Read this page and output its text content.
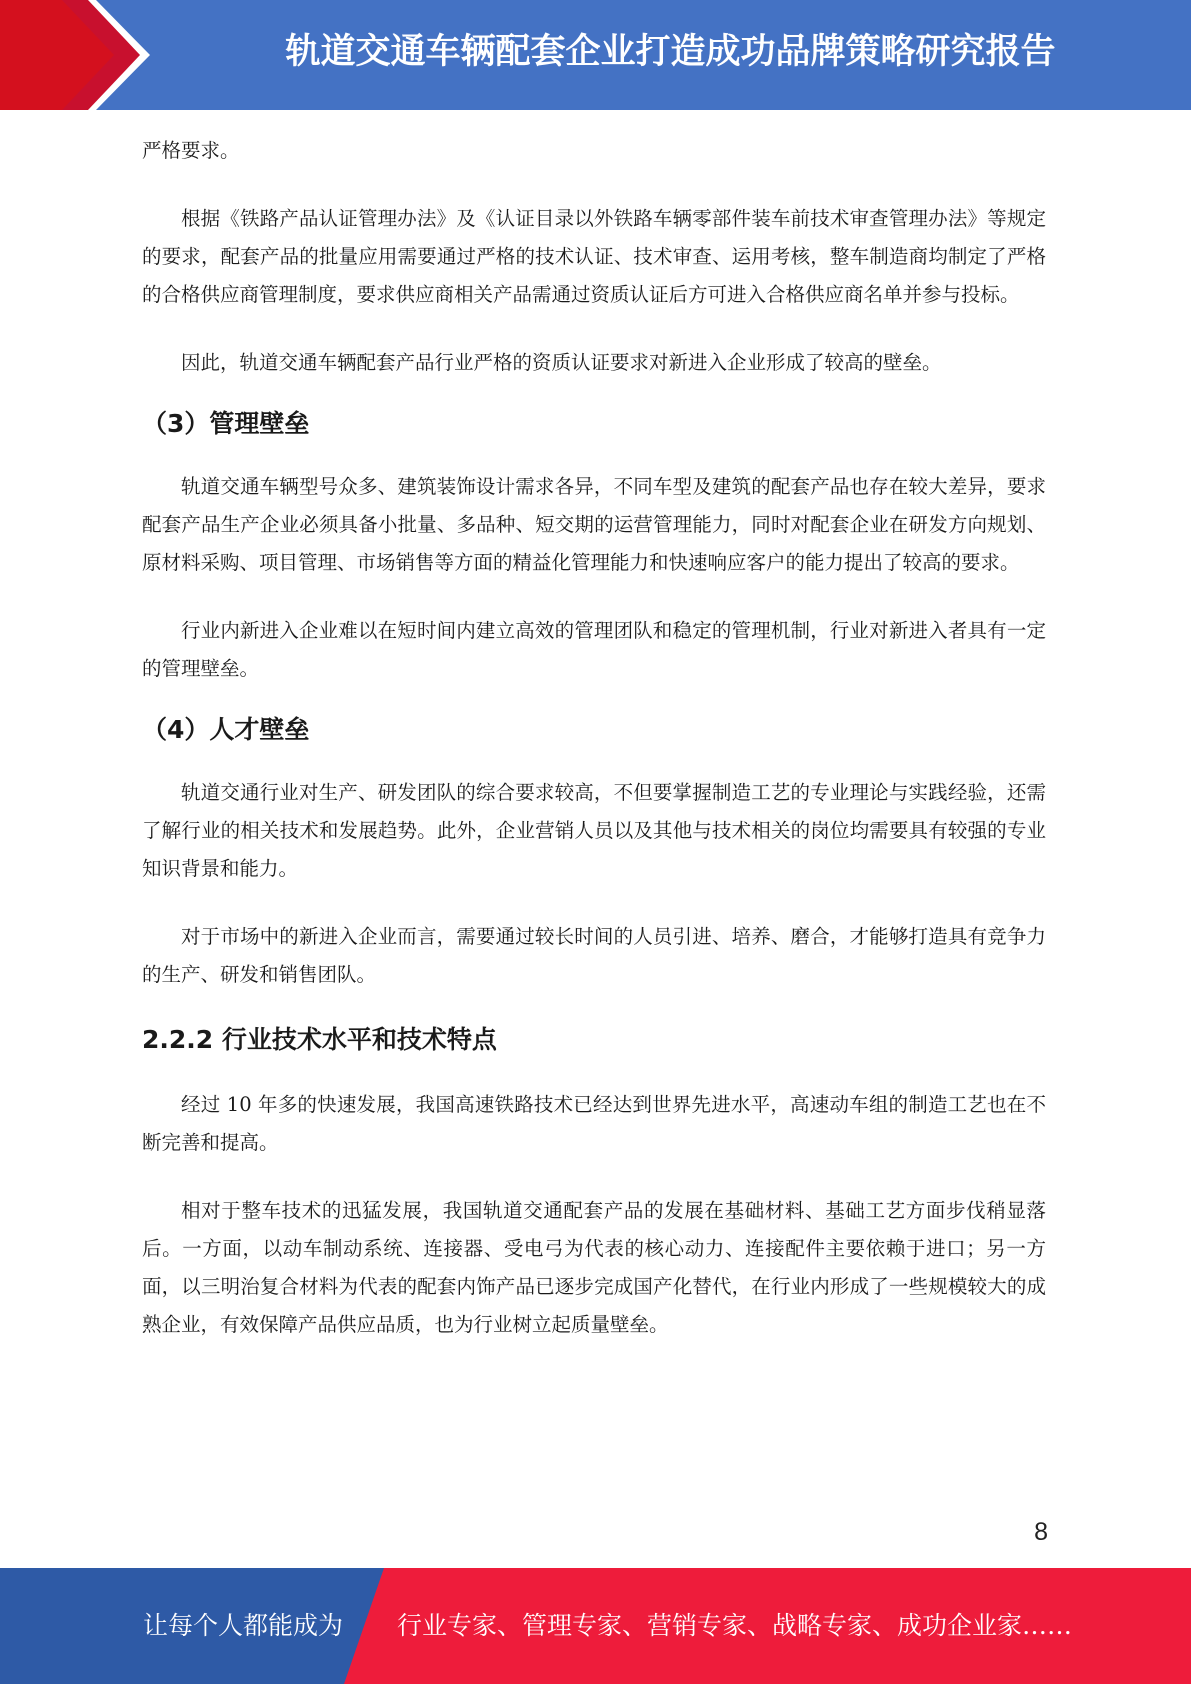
轨道交通车辆配套企业打造成功品牌策略研究报告

严格要求。

根据《铁路产品认证管理办法》及《认证目录以外铁路车辆零部件装车前技术审查管理办法》等规定的要求，配套产品的批量应用需要通过严格的技术认证、技术审查、运用考核，整车制造商均制定了严格的合格供应商管理制度，要求供应商相关产品需通过资质认证后方可进入合格供应商名单并参与投标。

因此，轨道交通车辆配套产品行业严格的资质认证要求对新进入企业形成了较高的壁垒。

（3）管理壁垒

轨道交通车辆型号众多、建筑装饰设计需求各异，不同车型及建筑的配套产品也存在较大差异，要求配套产品生产企业必须具备小批量、多品种、短交期的运营管理能力，同时对配套企业在研发方向规划、原材料采购、项目管理、市场销售等方面的精益化管理能力和快速响应客户的能力提出了较高的要求。

行业内新进入企业难以在短时间内建立高效的管理团队和稳定的管理机制，行业对新进入者具有一定的管理壁垒。

（4）人才壁垒

轨道交通行业对生产、研发团队的综合要求较高，不但要掌握制造工艺的专业理论与实践经验，还需了解行业的相关技术和发展趋势。此外，企业营销人员以及其他与技术相关的岗位均需要具有较强的专业知识背景和能力。

对于市场中的新进入企业而言，需要通过较长时间的人员引进、培养、磨合，才能够打造具有竞争力的生产、研发和销售团队。

2.2.2 行业技术水平和技术特点

经过 10 年多的快速发展，我国高速铁路技术已经达到世界先进水平，高速动车组的制造工艺也在不断完善和提高。

相对于整车技术的迅猛发展，我国轨道交通配套产品的发展在基础材料、基础工艺方面步伐稍显落后。一方面，以动车制动系统、连接器、受电弓为代表的核心动力、连接配件主要依赖于进口；另一方面，以三明治复合材料为代表的配套内饰产品已逐步完成国产化替代，在行业内形成了一些规模较大的成熟企业，有效保障产品供应品质，也为行业树立起质量壁垒。

8
让每个人都能成为 行业专家、管理专家、营销专家、战略专家、成功企业家……
